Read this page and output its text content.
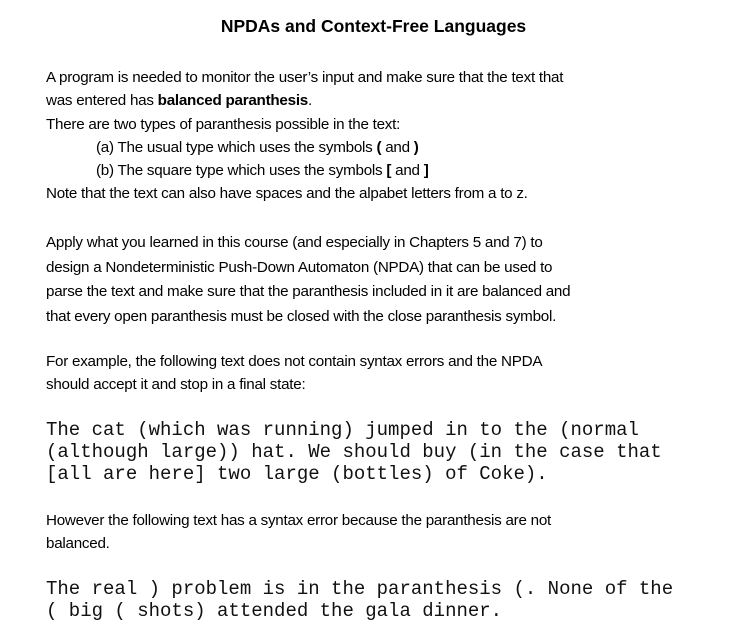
NPDAs and Context-Free Languages
A program is needed to monitor the user’s input and make sure that the text that
was entered has balanced paranthesis.
There are two types of paranthesis possible in the text:
(a) The usual type which uses the symbols ( and )
(b) The square type which uses the symbols [ and ]
Note that the text can also have spaces and the alpabet letters from a to z.
Apply what you learned in this course (and especially in Chapters 5 and 7) to
design a Nondeterministic Push-Down Automaton (NPDA) that can be used to
parse the text and make sure that the paranthesis included in it are balanced and
that every open paranthesis must be closed with the close paranthesis symbol.
For example, the following text does not contain syntax errors and the NPDA
should accept it and stop in a final state:
The cat (which was running) jumped in to the (normal
(although large)) hat. We should buy (in the case that
[all are here] two large (bottles) of Coke).
However the following text has a syntax error because the paranthesis are not
balanced.
The real ) problem is in the paranthesis (. None of the
( big ( shots) attended the gala dinner.
